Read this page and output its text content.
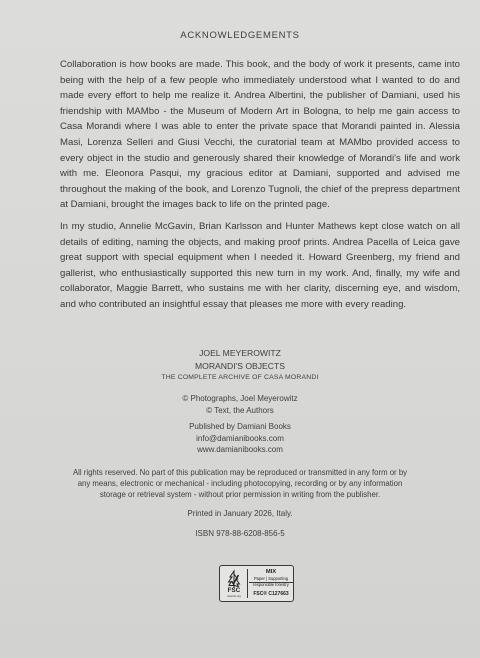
ACKNOWLEDGEMENTS

Collaboration is how books are made. This book, and the body of work it presents, came into being with the help of a few people who immediately understood what I wanted to do and made every effort to help me realize it. Andrea Albertini, the publisher of Damiani, used his friendship with MAMbo - the Museum of Modern Art in Bologna, to help me gain access to Casa Morandi where I was able to enter the private space that Morandi painted in. Alessia Masi, Lorenza Selleri and Giusi Vecchi, the curatorial team at MAMbo provided access to every object in the studio and generously shared their knowledge of Morandi's life and work with me. Eleonora Pasqui, my gracious editor at Damiani, supported and advised me throughout the making of the book, and Lorenzo Tugnoli, the chief of the prepress department at Damiani, brought the images back to life on the printed page.

In my studio, Annelie McGavin, Brian Karlsson and Hunter Mathews kept close watch on all details of editing, naming the objects, and making proof prints. Andrea Pacella of Leica gave great support with special equipment when I needed it. Howard Greenberg, my friend and gallerist, who enthusiastically supported this new turn in my work. And, finally, my wife and collaborator, Maggie Barrett, who sustains me with her clarity, discerning eye, and wisdom, and who contributed an insightful essay that pleases me more with every reading.

JOEL MEYEROWITZ
MORANDI'S OBJECTS
THE COMPLETE ARCHIVE OF CASA MORANDI
© Photographs, Joel Meyerowitz
© Text, the Authors
Published by Damiani Books
info@damianibooks.com
www.damianibooks.com
All rights reserved. No part of this publication may be reproduced or transmitted in any form or by
any means, electronic or mechanical - including photocopying, recording or by any information
storage or retrieval system - without prior permission in writing from the publisher.
Printed in January 2026, Italy.
ISBN 978-88-6208-856-5
FSC
www.fsc.org
MIX
Paper | Supporting
responsible forestry
FSC® C127663
